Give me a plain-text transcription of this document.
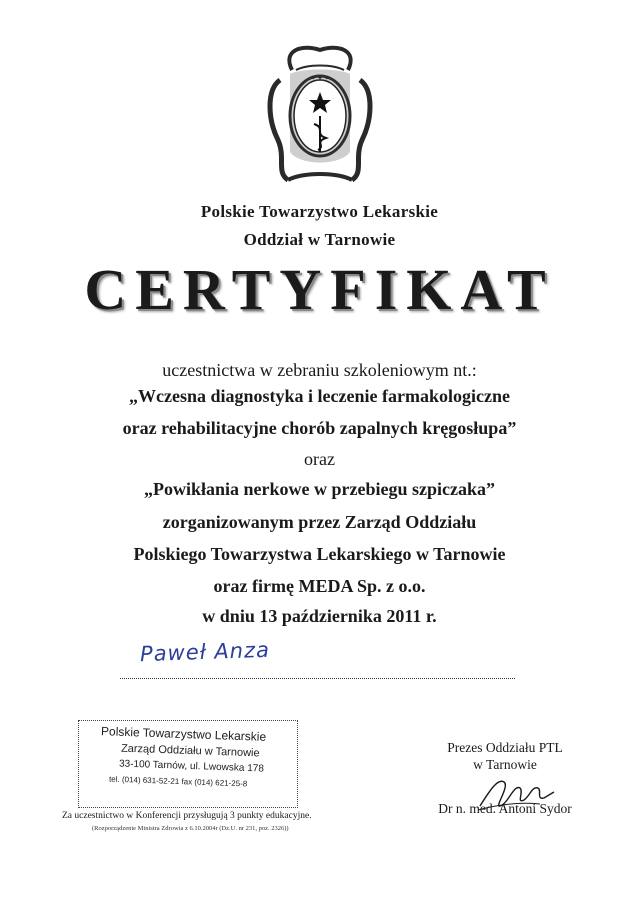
✦ ✦ ✦
Polskie Towarzystwo Lekarskie
Oddział w Tarnowie
CERTYFIKAT
uczestnictwa w zebraniu szkoleniowym nt.:
„Wczesna diagnostyka i leczenie farmakologiczne
oraz rehabilitacyjne chorób zapalnych kręgosłupa”
oraz
„Powikłania nerkowe w przebiegu szpiczaka”
zorganizowanym przez Zarząd Oddziału
Polskiego Towarzystwa Lekarskiego w Tarnowie
oraz firmę MEDA Sp. z o.o.
w dniu 13 października 2011 r.
Paweł Anza
Polskie Towarzystwo Lekarskie
Zarząd Oddziału w Tarnowie
33-100 Tarnów, ul. Lwowska 178
tel. (014) 631-52-21 fax (014) 621-25-8
Za uczestnictwo w Konferencji przysługują 3 punkty edukacyjne.
(Rozporządzenie Ministra Zdrowia z 6.10.2004r (Dz.U. nr 231, poz. 2326))
Prezes Oddziału PTL
w Tarnowie
Dr n. med. Antoni Sydor
